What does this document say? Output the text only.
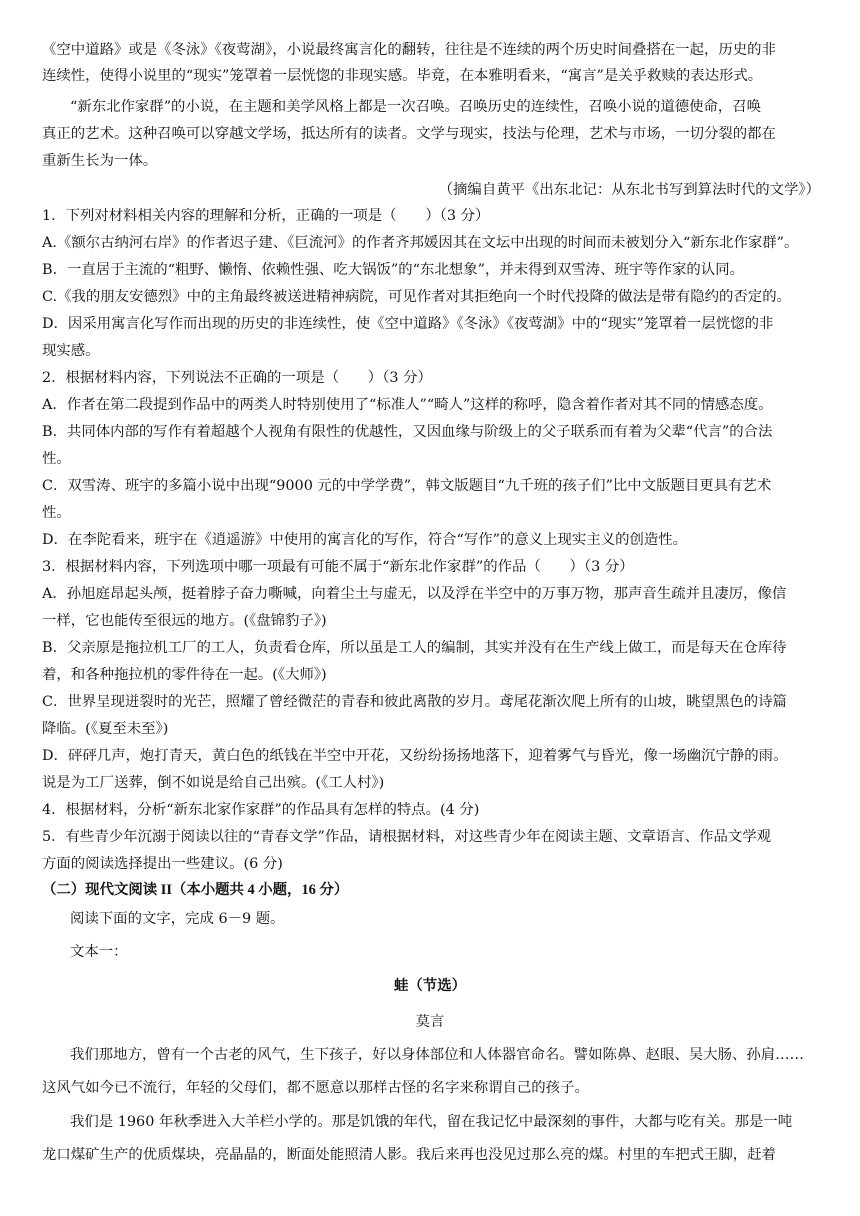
《空中道路》或是《冬泳》《夜莺湖》，小说最终寓言化的翻转，往往是不连续的两个历史时间叠搭在一起，历史的非
连续性，使得小说里的“现实”笼罩着一层恍惚的非现实感。毕竟，在本雅明看来，“寓言”是关乎救赎的表达形式。
“新东北作家群”的小说，在主题和美学风格上都是一次召唤。召唤历史的连续性，召唤小说的道德使命，召唤
真正的艺术。这种召唤可以穿越文学场，抵达所有的读者。文学与现实，技法与伦理，艺术与市场，一切分裂的都在
重新生长为一体。
（摘编自黄平《出东北记：从东北书写到算法时代的文学》）
1．下列对材料相关内容的理解和分析，正确的一项是（　　）（3 分）
A.《额尔古纳河右岸》的作者迟子建、《巨流河》的作者齐邦媛因其在文坛中出现的时间而未被划分入“新东北作家群”。
B．一直居于主流的“粗野、懒惰、依赖性强、吃大锅饭”的“东北想象”，并未得到双雪涛、班宇等作家的认同。
C.《我的朋友安德烈》中的主角最终被送进精神病院，可见作者对其拒绝向一个时代投降的做法是带有隐约的否定的。
D．因采用寓言化写作而出现的历史的非连续性，使《空中道路》《冬泳》《夜莺湖》中的“现实”笼罩着一层恍惚的非
现实感。
2．根据材料内容，下列说法不正确的一项是（　　）（3 分）
A．作者在第二段提到作品中的两类人时特别使用了“标准人”“畸人”这样的称呼，隐含着作者对其不同的情感态度。
B．共同体内部的写作有着超越个人视角有限性的优越性，又因血缘与阶级上的父子联系而有着为父辈“代言”的合法
性。
C．双雪涛、班宇的多篇小说中出现“9000 元的中学学费”，韩文版题目“九千班的孩子们”比中文版题目更具有艺术
性。
D．在李陀看来，班宇在《逍遥游》中使用的寓言化的写作，符合“写作”的意义上现实主义的创造性。
3．根据材料内容，下列选项中哪一项最有可能不属于“新东北作家群”的作品（　　）（3 分）
A．孙旭庭昂起头颅，挺着脖子奋力嘶喊，向着尘土与虚无，以及浮在半空中的万事万物，那声音生疏并且凄厉，像信
一样，它也能传至很远的地方。(《盘锦豹子》)
B．父亲原是拖拉机工厂的工人，负责看仓库，所以虽是工人的编制，其实并没有在生产线上做工，而是每天在仓库待
着，和各种拖拉机的零件待在一起。(《大师》)
C．世界呈现迸裂时的光芒，照耀了曾经微茫的青春和彼此离散的岁月。鸢尾花渐次爬上所有的山坡，眺望黑色的诗篇
降临。(《夏至未至》)
D．砰砰几声，炮打青天，黄白色的纸钱在半空中开花，又纷纷扬扬地落下，迎着雾气与昏光，像一场幽沉宁静的雨。
说是为工厂送葬，倒不如说是给自己出殡。(《工人村》)
4．根据材料，分析“新东北家作家群”的作品具有怎样的特点。(4 分)
5．有些青少年沉溺于阅读以往的“青春文学”作品，请根据材料，对这些青少年在阅读主题、文章语言、作品文学观
方面的阅读选择提出一些建议。(6 分)
（二）现代文阅读 II（本小题共 4 小题，16 分）
阅读下面的文字，完成 6－9 题。
文本一：
蛙（节选）
莫言
我们那地方，曾有一个古老的风气，生下孩子，好以身体部位和人体器官命名。譬如陈鼻、赵眼、吴大肠、孙肩……
这风气如今已不流行，年轻的父母们，都不愿意以那样古怪的名字来称谓自己的孩子。
我们是 1960 年秋季进入大羊栏小学的。那是饥饿的年代，留在我记忆中最深刻的事件，大都与吃有关。那是一吨
龙口煤矿生产的优质煤块，亮晶晶的，断面处能照清人影。我后来再也没见过那么亮的煤。村里的车把式王脚，赶着
